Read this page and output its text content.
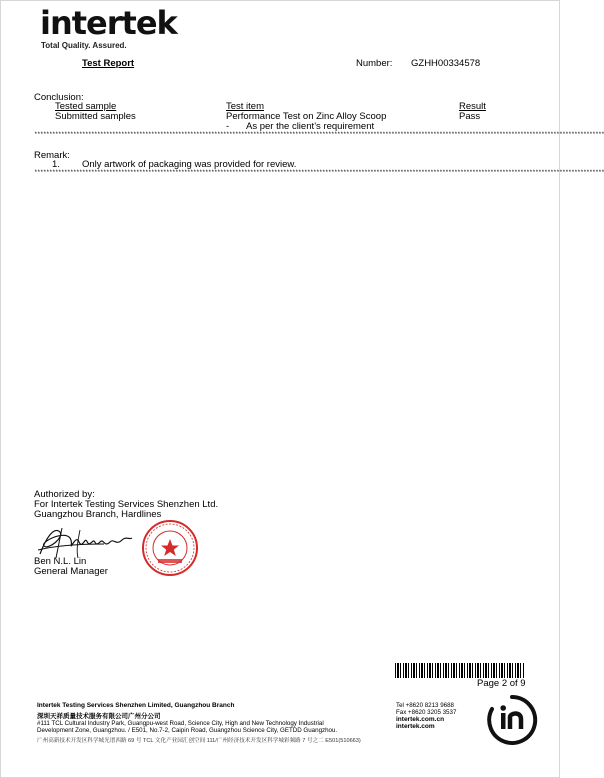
intertek
Total Quality. Assured.
Test Report	Number: GZHH00334578
Conclusion:
Tested sample	Test item	Result
Submitted samples	Performance Test on Zinc Alloy Scoop	Pass
- As per the client’s requirement
**********************************************************************************************************************************************************************************************
Remark:
1. Only artwork of packaging was provided for review.
**********************************************************************************************************************************************************************************************
Authorized by:
For Intertek Testing Services Shenzhen Ltd.
Guangzhou Branch, Hardlines
Ben N.L. Lin
General Manager
Page 2 of 9
Intertek Testing Services Shenzhen Limited, Guangzhou Branch
深圳天祥质量技术服务有限公司广州分公司
#111 TCL Cultural Industry Park, Guangpu-west Road, Science City, High and New Technology Industrial
Development Zone, Guangzhou. / E501, No.7-2, Caipin Road, Guangzhou Science City, GETDD Guangzhou.
广州高新技术开发区科学城光谱西路 69 号 TCL 文化产业园汇创空间 111/广州经济技术开发区科学城彩频路 7 号之二 E501(510663)
Tel +8620 8213 9688
Fax +8620 3205 3537
intertek.com.cn
intertek.com
